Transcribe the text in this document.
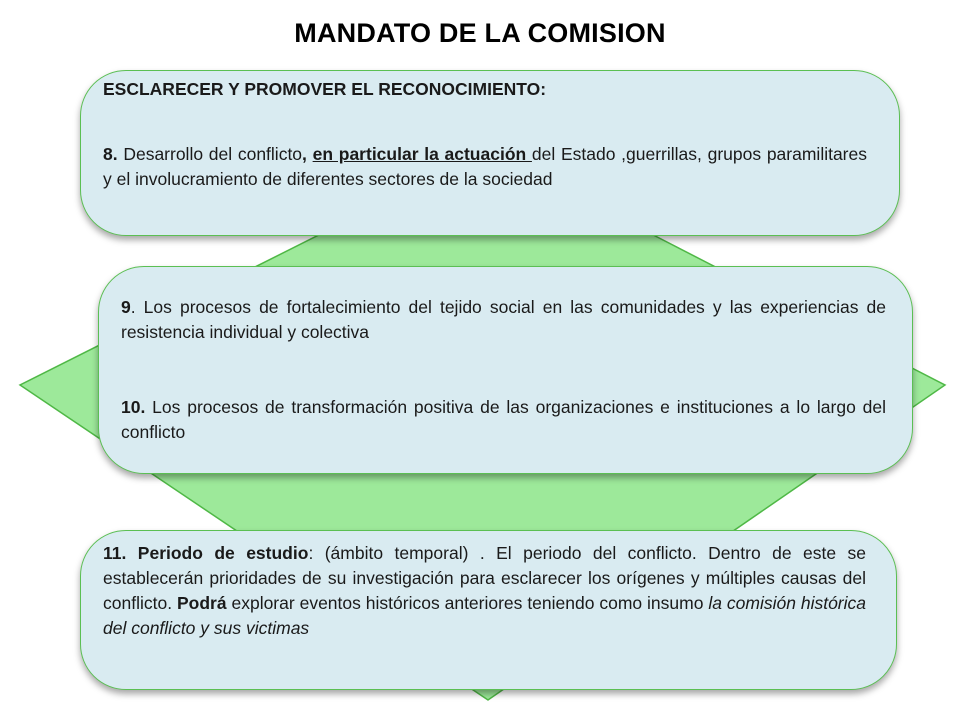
MANDATO DE LA COMISION

ESCLARECER Y PROMOVER EL RECONOCIMIENTO:

8. Desarrollo del conflicto, en particular la actuación del Estado ,guerrillas, grupos paramilitares y el involucramiento de diferentes sectores de la sociedad

9. Los procesos de fortalecimiento del tejido social en las comunidades y las experiencias de resistencia individual y colectiva

10. Los procesos de transformación positiva de las organizaciones e instituciones a lo largo del conflicto

11. Periodo de estudio: (ámbito temporal) . El periodo del conflicto. Dentro de este se establecerán prioridades de su investigación para esclarecer los orígenes y múltiples causas del conflicto. Podrá explorar eventos históricos anteriores teniendo como insumo la comisión histórica del conflicto y sus victimas
